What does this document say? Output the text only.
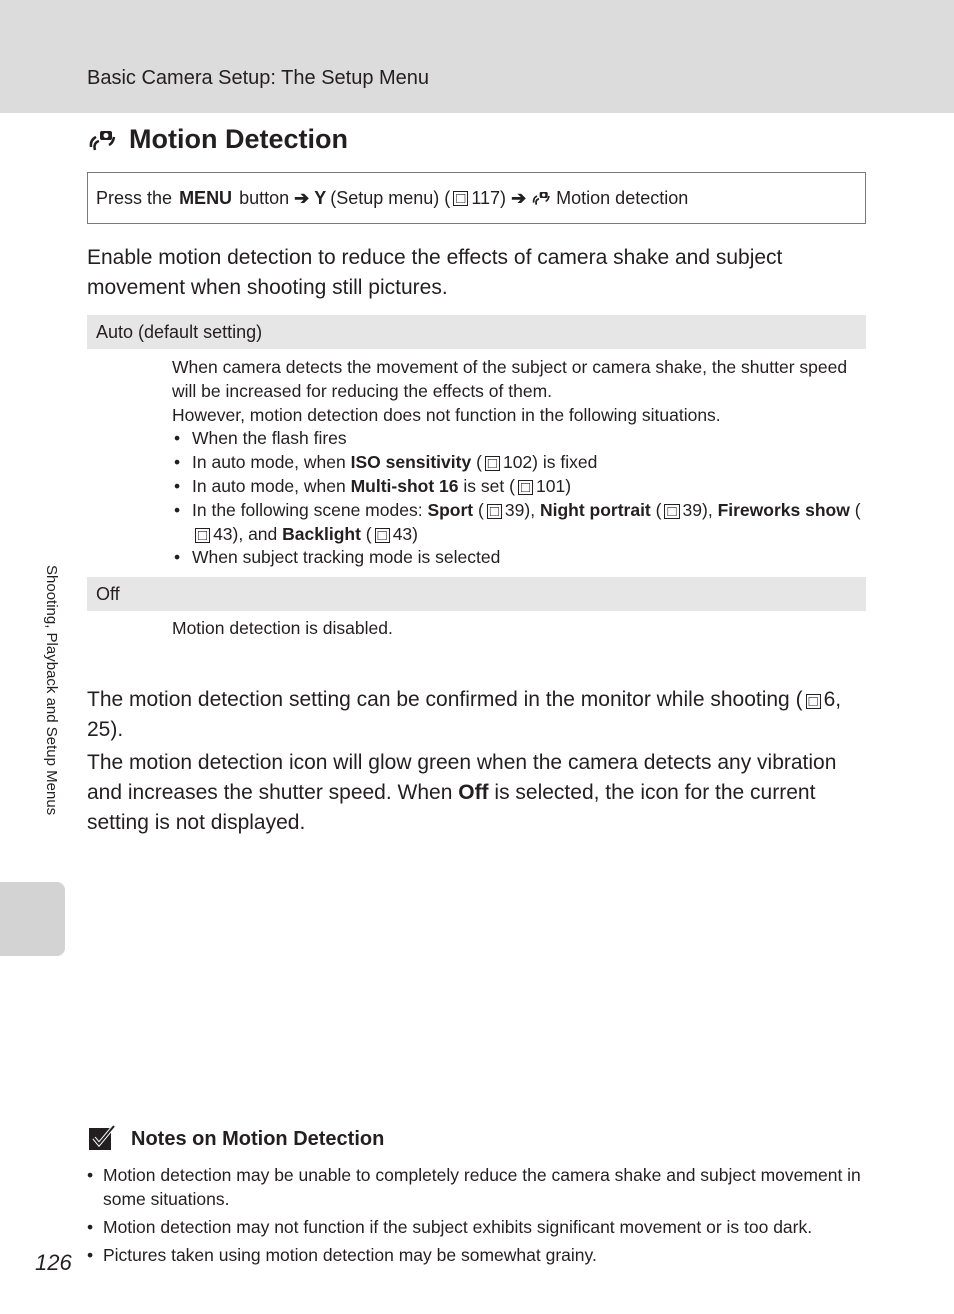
Basic Camera Setup: The Setup Menu
Motion Detection
Press the
MENU
button ➔ Y (Setup menu) ( □ 117) ➔ Motion detection
Enable motion detection to reduce the effects of camera shake and subject movement when shooting still pictures.
Auto (default setting)

When camera detects the movement of the subject or camera shake, the shutter speed will be increased for reducing the effects of them.

However, motion detection does not function in the following situations.

• When the flash fires
• In auto mode, when ISO sensitivity ( □ 102) is fixed
• In auto mode, when Multi-shot 16 is set ( □ 101)
• In the following scene modes: Sport ( □ 39), Night portrait ( □ 39), Fireworks show (□ 43), and Backlight ( □ 43)
• When subject tracking mode is selected
Off

Motion detection is disabled.

The motion detection setting can be confirmed in the monitor while shooting ( □ 6, 25).
The motion detection icon will glow green when the camera detects any vibration and increases the shutter speed. When Off is selected, the icon for the current setting is not displayed.
Shooting, Playback and Setup Menus
Notes on Motion Detection
• Motion detection may be unable to completely reduce the camera shake and subject movement in some situations.
• Motion detection may not function if the subject exhibits significant movement or is too dark.
• Pictures taken using motion detection may be somewhat grainy.
126
